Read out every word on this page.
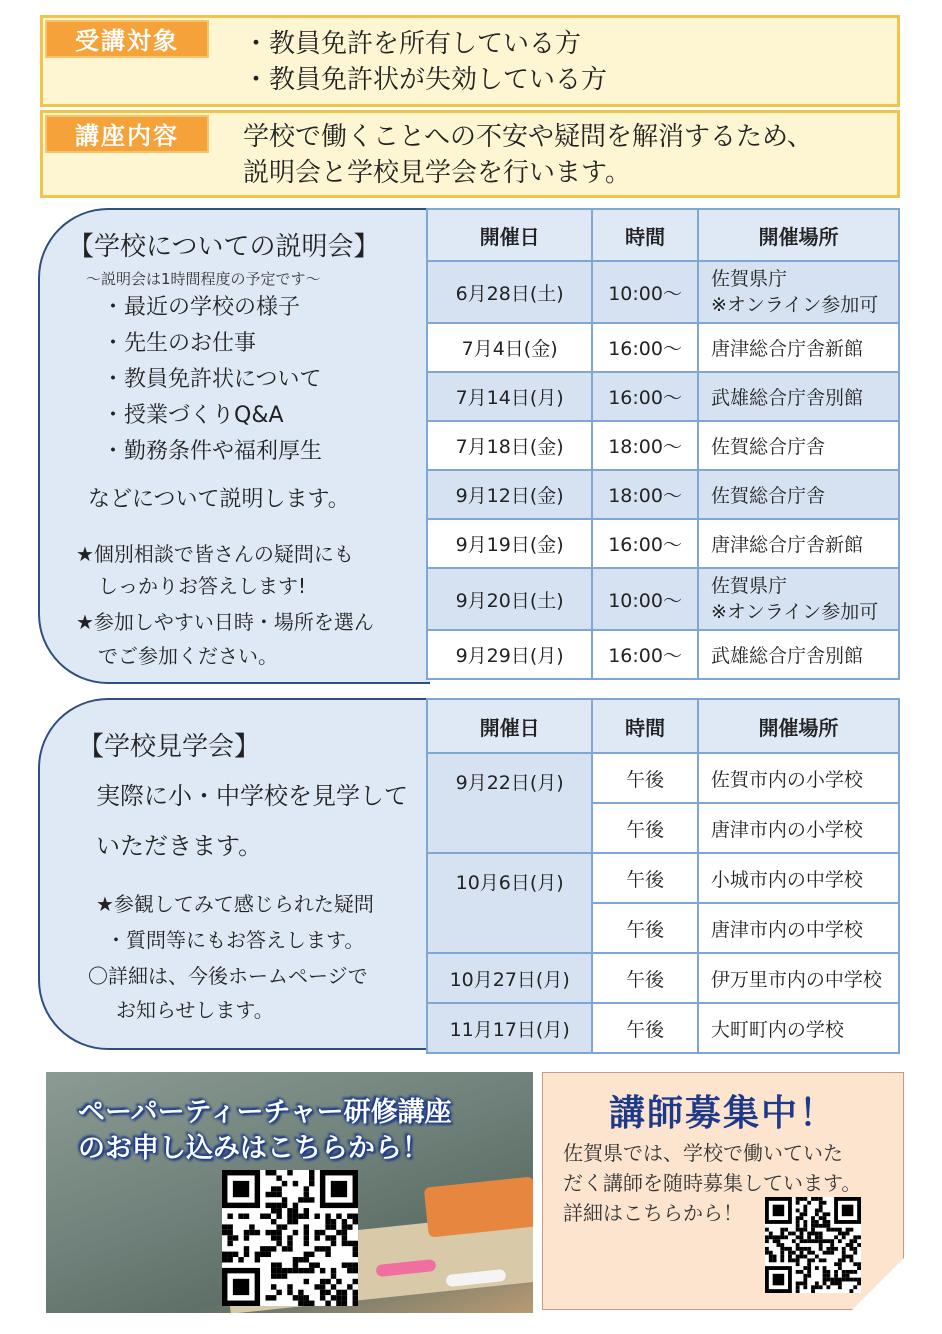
受講対象	・教員免許を所有している方
・教員免許状が失効している方
講座内容	学校で働くことへの不安や疑問を解消するため、
説明会と学校見学会を行います。
【学校についての説明会】
～説明会は1時間程度の予定です～
・最近の学校の様子
・先生のお仕事
・教員免許状について
・授業づくりQ&A
・勤務条件や福利厚生
などについて説明します。
★個別相談で皆さんの疑問にも
しっかりお答えします!
★参加しやすい日時・場所を選ん
でご参加ください。
開催日	時間	開催場所
6月28日(土)	10:00～	佐賀県庁
※オンライン参加可

7月4日(金)	16:00～	唐津総合庁舎新館
7月14日(月)	16:00～	武雄総合庁舎別館
7月18日(金)	18:00～	佐賀総合庁舎
9月12日(金)	18:00～	佐賀総合庁舎
9月19日(金)	16:00～	唐津総合庁舎新館
9月20日(土)	10:00～	佐賀県庁
※オンライン参加可

9月29日(月)	16:00～	武雄総合庁舎別館
【学校見学会】
実際に小・中学校を見学して
いただきます。
★参観してみて感じられた疑問
・質問等にもお答えします。
〇詳細は、今後ホームページで
お知らせします。
開催日	時間	開催場所
9月22日(月)	午後	佐賀市内の小学校
	午後	唐津市内の小学校
10月6日(月)	午後	小城市内の中学校
	午後	唐津市内の中学校
10月27日(月)	午後	伊万里市内の中学校
11月17日(月)	午後	大町町内の学校
ペーパーティーチャー研修講座
のお申し込みはこちらから！
講師募集中！
佐賀県では、学校で働いていた
だく講師を随時募集しています。
詳細はこちらから！
